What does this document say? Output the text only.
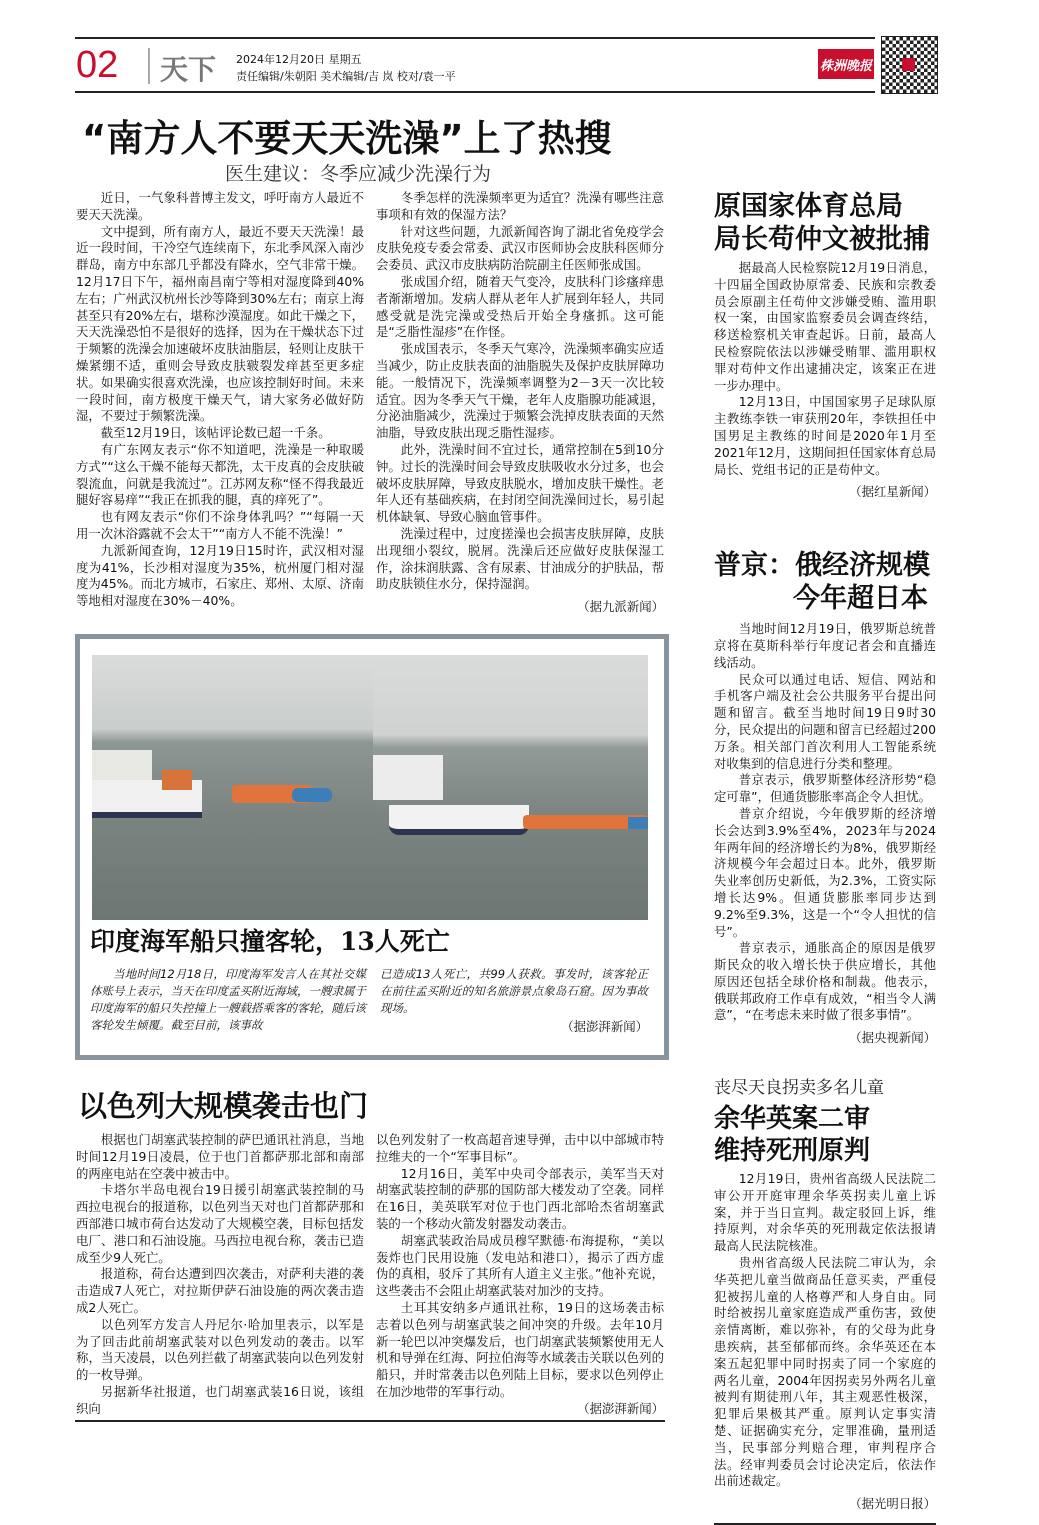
02 天下 2024年12月20日 星期五
责任编辑/朱朝阳 美术编辑/吉 岚 校对/袁一平
株洲晚报
“南方人不要天天洗澡”上了热搜
医生建议：冬季应减少洗澡行为

近日，一气象科普博主发文，呼吁南方人最近不要天天洗澡。

文中提到，所有南方人，最近不要天天洗澡！最近一段时间，干冷空气连续南下，东北季风深入南沙群岛，南方中东部几乎都没有降水，空气非常干燥。12月17日下午，福州南昌南宁等相对湿度降到40%左右；广州武汉杭州长沙等降到30%左右；南京上海甚至只有20%左右，堪称沙漠湿度。如此干燥之下，天天洗澡恐怕不是很好的选择，因为在干燥状态下过于频繁的洗澡会加速破坏皮肤油脂层，轻则让皮肤干燥紧绷不适，重则会导致皮肤皲裂发痒甚至更多症状。如果确实很喜欢洗澡，也应该控制好时间。未来一段时间，南方极度干燥天气，请大家务必做好防湿，不要过于频繁洗澡。

截至12月19日，该帖评论数已超一千条。

有广东网友表示“你不知道吧，洗澡是一种取暖方式”“这么干燥不能每天都洗，太干皮真的会皮肤破裂流血，问就是我流过”。江苏网友称“怪不得我最近腿好容易痒”“我正在抓我的腿，真的痒死了”。

也有网友表示“你们不涂身体乳吗？”“每隔一天用一次沐浴露就不会太干”“南方人不能不洗澡！”

九派新闻查询，12月19日15时许，武汉相对湿度为41%，长沙相对湿度为35%，杭州厦门相对湿度为45%。而北方城市，石家庄、郑州、太原、济南等地相对湿度在30%－40%。

冬季怎样的洗澡频率更为适宜？洗澡有哪些注意事项和有效的保湿方法？

针对这些问题，九派新闻咨询了湖北省免疫学会皮肤免疫专委会常委、武汉市医师协会皮肤科医师分会委员、武汉市皮肤病防治院副主任医师张成国。

张成国介绍，随着天气变冷，皮肤科门诊瘙痒患者渐渐增加。发病人群从老年人扩展到年轻人，共同感受就是洗完澡或受热后开始全身瘙抓。这可能是“乏脂性湿疹”在作怪。

张成国表示，冬季天气寒冷，洗澡频率确实应适当减少，防止皮肤表面的油脂脱失及保护皮肤屏障功能。一般情况下，洗澡频率调整为2－3天一次比较适宜。因为冬季天气干燥，老年人皮脂腺功能减退，分泌油脂减少，洗澡过于频繁会洗掉皮肤表面的天然油脂，导致皮肤出现乏脂性湿疹。

此外，洗澡时间不宜过长，通常控制在5到10分钟。过长的洗澡时间会导致皮肤吸收水分过多，也会破坏皮肤屏障，导致皮肤脱水，增加皮肤干燥性。老年人还有基础疾病，在封闭空间洗澡间过长，易引起机体缺氧、导致心脑血管事件。

洗澡过程中，过度搓澡也会损害皮肤屏障，皮肤出现细小裂纹，脱屑。洗澡后还应做好皮肤保湿工作，涂抹润肤露、含有尿素、甘油成分的护肤品，帮助皮肤锁住水分，保持湿润。

（据九派新闻）
印度海军船只撞客轮，13人死亡

当地时间12月18日，印度海军发言人在其社交媒体账号上表示，当天在印度孟买附近海域，一艘隶属于印度海军的船只失控撞上一艘载搭乘客的客轮，随后该客轮发生倾覆。截至目前，该事故

已造成13人死亡，共99人获救。事发时，该客轮正在前往孟买附近的知名旅游景点象岛石窟。因为事故现场。

（据澎湃新闻）
以色列大规模袭击也门

根据也门胡塞武装控制的萨巴通讯社消息，当地时间12月19日凌晨，位于也门首都萨那北部和南部的两座电站在空袭中被击中。

卡塔尔半岛电视台19日援引胡塞武装控制的马西拉电视台的报道称，以色列当天对也门首都萨那和西部港口城市荷台达发动了大规模空袭，目标包括发电厂、港口和石油设施。马西拉电视台称，袭击已造成至少9人死亡。

报道称，荷台达遭到四次袭击，对萨利夫港的袭击造成7人死亡，对拉斯伊萨石油设施的两次袭击造成2人死亡。

以色列军方发言人丹尼尔·哈加里表示，以军是为了回击此前胡塞武装对以色列发动的袭击。以军称，当天凌晨，以色列拦截了胡塞武装向以色列发射的一枚导弹。

另据新华社报道，也门胡塞武装16日说，该组织向

以色列发射了一枚高超音速导弹，击中以中部城市特拉维夫的一个“军事目标”。

12月16日，美军中央司令部表示，美军当天对胡塞武装控制的萨那的国防部大楼发动了空袭。同样在16日，美英联军对位于也门西北部哈杰省胡塞武装的一个移动火箭发射器发动袭击。

胡塞武装政治局成员穆罕默德·布海提称，“美以轰炸也门民用设施（发电站和港口），揭示了西方虚伪的真相，驳斥了其所有人道主义主张。”他补充说，这些袭击不会阻止胡塞武装对加沙的支持。

土耳其安纳多卢通讯社称，19日的这场袭击标志着以色列与胡塞武装之间冲突的升级。去年10月新一轮巴以冲突爆发后，也门胡塞武装频繁使用无人机和导弹在红海、阿拉伯海等水域袭击关联以色列的船只，并时常袭击以色列陆上目标，要求以色列停止在加沙地带的军事行动。

（据澎湃新闻）
原国家体育总局
局长苟仲文被批捕

据最高人民检察院12月19日消息，十四届全国政协原常委、民族和宗教委员会原副主任苟仲文涉嫌受贿、滥用职权一案，由国家监察委员会调查终结，移送检察机关审查起诉。日前，最高人民检察院依法以涉嫌受贿罪、滥用职权罪对苟仲文作出逮捕决定，该案正在进一步办理中。

12月13日，中国国家男子足球队原主教练李铁一审获刑20年，李铁担任中国男足主教练的时间是2020年1月至2021年12月，这期间担任国家体育总局局长、党组书记的正是苟仲文。

（据红星新闻）
普京：俄经济规模
今年超日本

当地时间12月19日，俄罗斯总统普京将在莫斯科举行年度记者会和直播连线活动。

民众可以通过电话、短信、网站和手机客户端及社会公共服务平台提出问题和留言。截至当地时间19日9时30分，民众提出的问题和留言已经超过200万条。相关部门首次利用人工智能系统对收集到的信息进行分类和整理。

普京表示，俄罗斯整体经济形势“稳定可靠”，但通货膨胀率高企令人担忧。

普京介绍说，今年俄罗斯的经济增长会达到3.9%至4%，2023年与2024年两年间的经济增长约为8%，俄罗斯经济规模今年会超过日本。此外，俄罗斯失业率创历史新低，为2.3%，工资实际增长达9%。但通货膨胀率同步达到9.2%至9.3%，这是一个“令人担忧的信号”。

普京表示，通胀高企的原因是俄罗斯民众的收入增长快于供应增长，其他原因还包括全球价格和制裁。他表示，俄联邦政府工作卓有成效，“相当令人满意”，“在考虑未来时做了很多事情”。

（据央视新闻）
丧尽天良拐卖多名儿童
余华英案二审
维持死刑原判

12月19日，贵州省高级人民法院二审公开开庭审理余华英拐卖儿童上诉案，并于当日宣判。裁定驳回上诉，维持原判，对余华英的死刑裁定依法报请最高人民法院核准。

贵州省高级人民法院二审认为，余华英把儿童当做商品任意买卖，严重侵犯被拐儿童的人格尊严和人身自由。同时给被拐儿童家庭造成严重伤害，致使亲情离断，难以弥补，有的父母为此身患疾病，甚至郁郁而终。余华英还在本案五起犯罪中同时拐卖了同一个家庭的两名儿童，2004年因拐卖另外两名儿童被判有期徒刑八年，其主观恶性极深，犯罪后果极其严重。原判认定事实清楚、证据确实充分，定罪准确，量刑适当，民事部分判赔合理，审判程序合法。经审判委员会讨论决定后，依法作出前述裁定。

（据光明日报）
